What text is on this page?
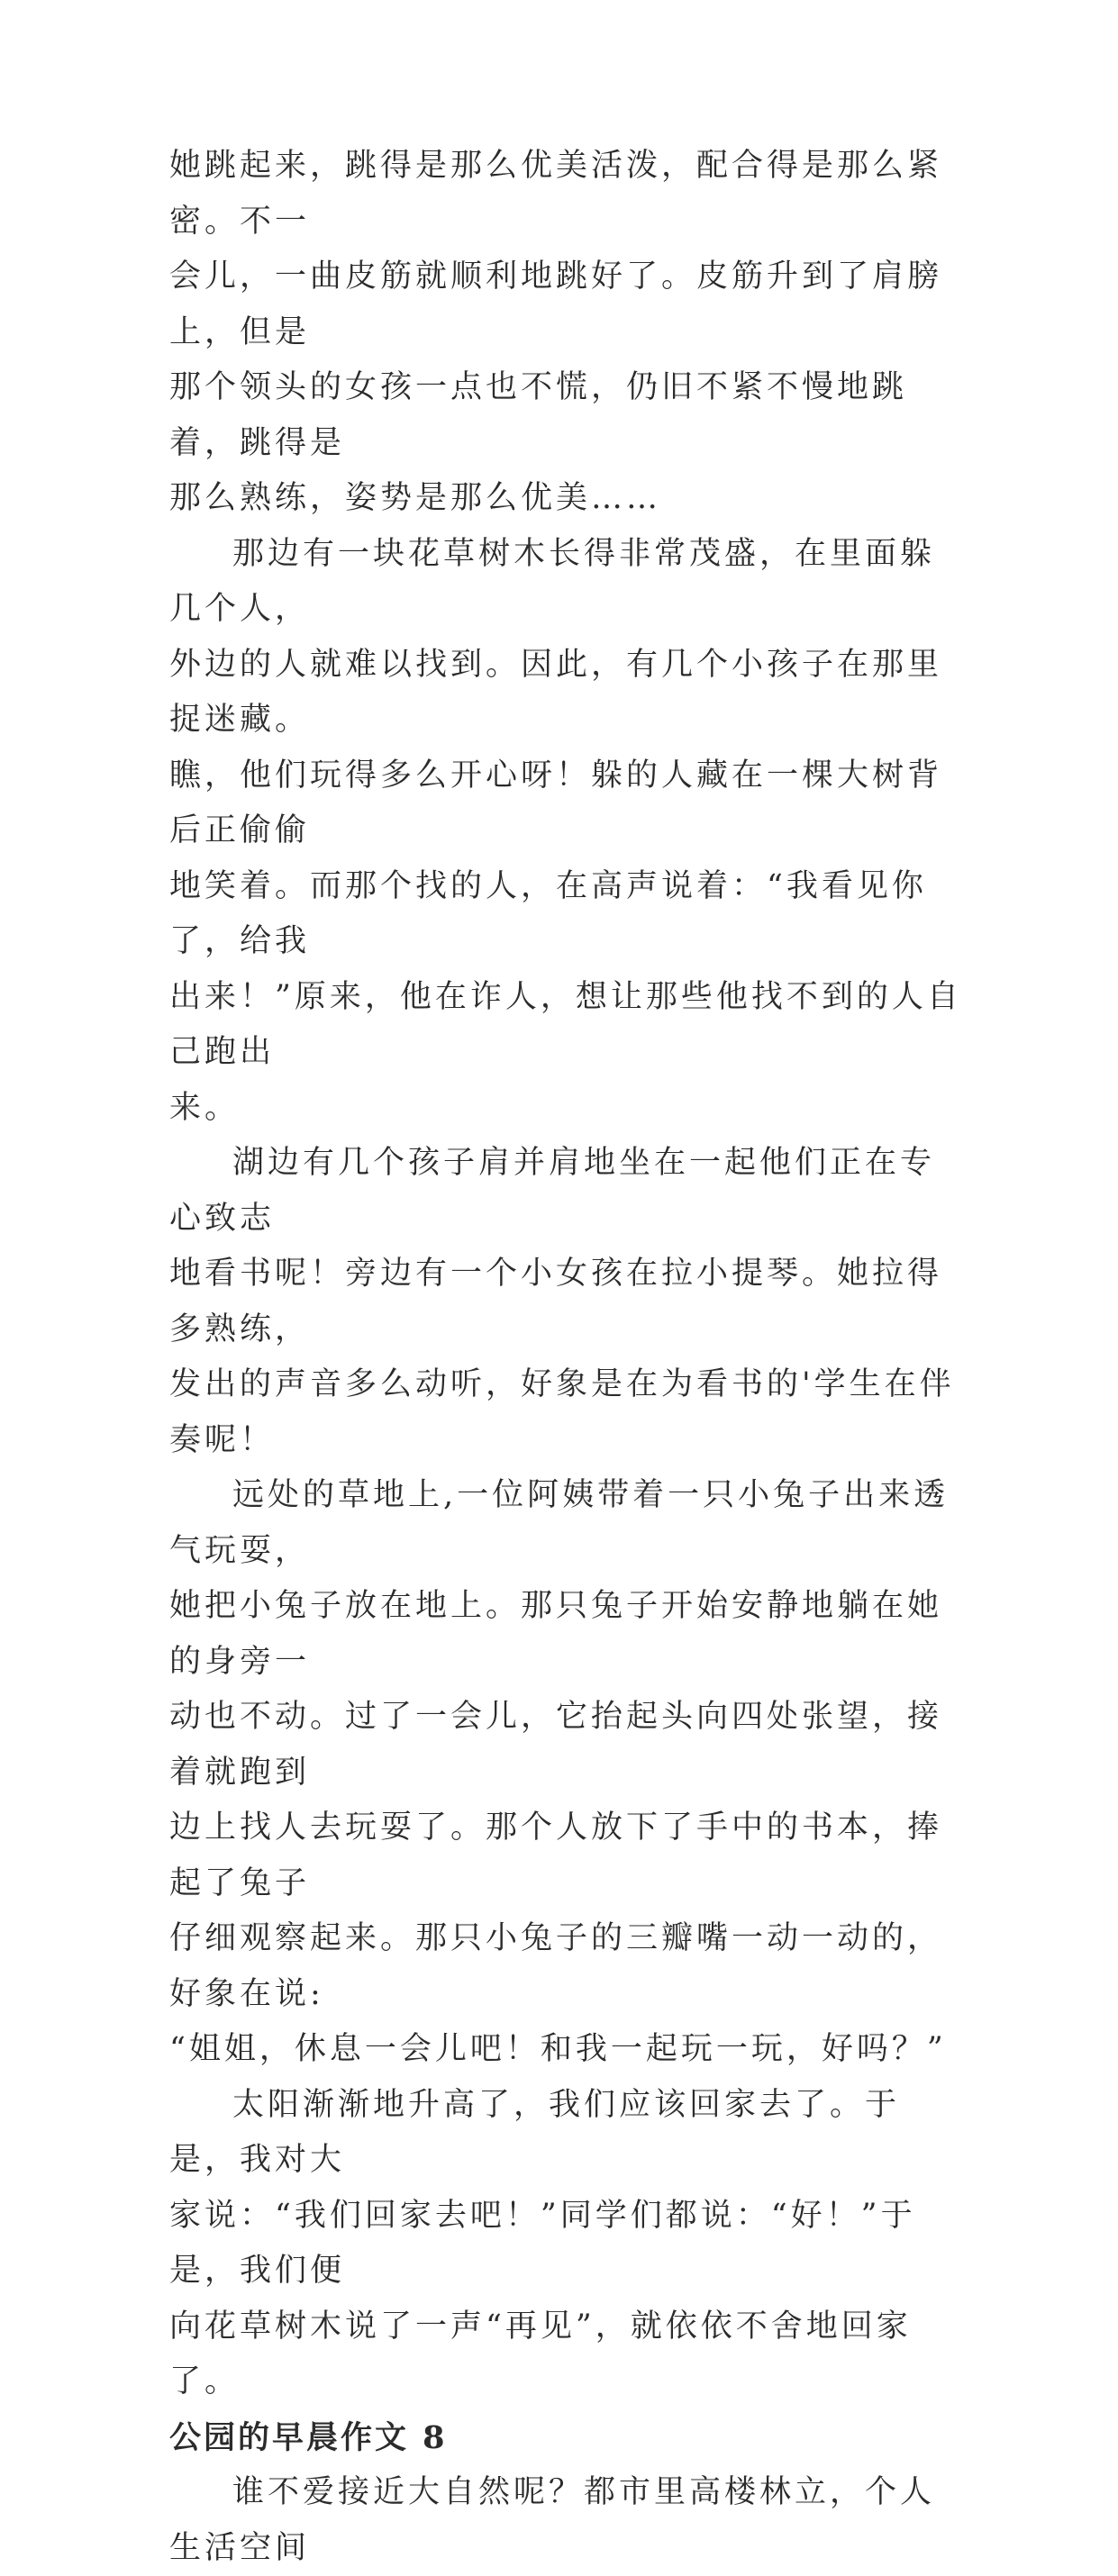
她跳起来，跳得是那么优美活泼，配合得是那么紧密。不一
会儿，一曲皮筋就顺利地跳好了。皮筋升到了肩膀上，但是
那个领头的女孩一点也不慌，仍旧不紧不慢地跳着，跳得是
那么熟练，姿势是那么优美……

那边有一块花草树木长得非常茂盛，在里面躲几个人，
外边的人就难以找到。因此，有几个小孩子在那里捉迷藏。
瞧，他们玩得多么开心呀！躲的人藏在一棵大树背后正偷偷
地笑着。而那个找的人，在高声说着：“我看见你了，给我
出来！”原来，他在诈人，想让那些他找不到的人自己跑出
来。

湖边有几个孩子肩并肩地坐在一起他们正在专心致志
地看书呢！旁边有一个小女孩在拉小提琴。她拉得多熟练，
发出的声音多么动听，好象是在为看书的'学生在伴奏呢！

远处的草地上,一位阿姨带着一只小兔子出来透气玩耍，
她把小兔子放在地上。那只兔子开始安静地躺在她的身旁一
动也不动。过了一会儿，它抬起头向四处张望，接着就跑到
边上找人去玩耍了。那个人放下了手中的书本，捧起了兔子
仔细观察起来。那只小兔子的三瓣嘴一动一动的，好象在说:
“姐姐，休息一会儿吧！和我一起玩一玩，好吗？”

太阳渐渐地升高了，我们应该回家去了。于是，我对大
家说：“我们回家去吧！”同学们都说：“好！”于是，我们便
向花草树木说了一声“再见”，就依依不舍地回家了。

公园的早晨作文 8

谁不爱接近大自然呢？都市里高楼林立，个人生活空间
